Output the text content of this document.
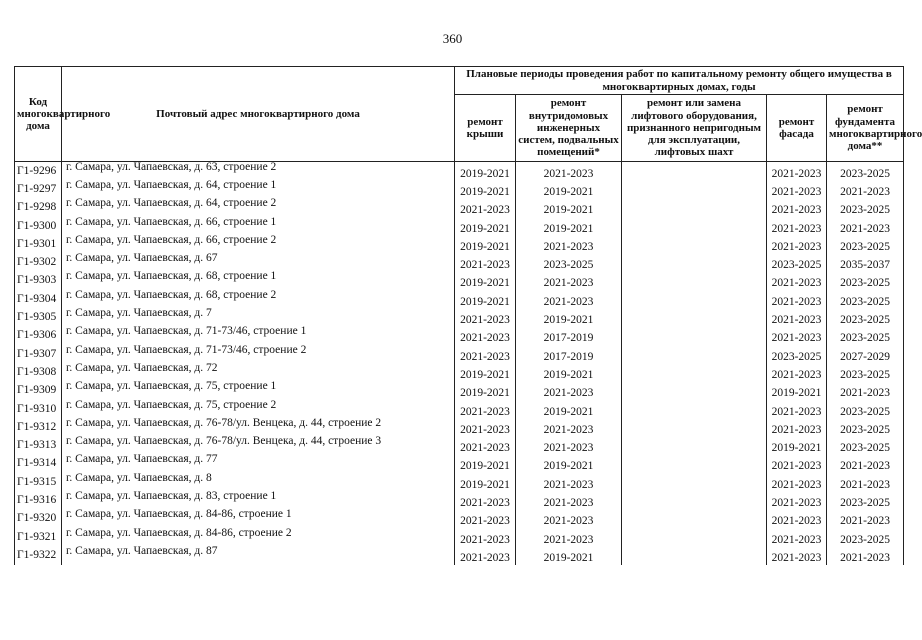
360
Код многоквартирного дома	Почтовый адрес многоквартирного дома	Плановые периоды проведения работ по капитальному ремонту общего имущества в многоквартирных домах, годы				
		ремонт крыши	ремонт внутридомовых инженерных систем, подвальных помещений*	ремонт или замена лифтового оборудования, признанного непригодным для эксплуатации, лифтовых шахт	ремонт фасада	ремонт фундамента многоквартирного дома**
Г1-9296	г. Самара, ул. Чапаевская, д. 63, строение 2	2019-2021	2021-2023		2021-2023	2023-2025
Г1-9297	г. Самара, ул. Чапаевская, д. 64, строение 1	2019-2021	2019-2021		2021-2023	2021-2023
Г1-9298	г. Самара, ул. Чапаевская, д. 64, строение 2	2021-2023	2019-2021		2021-2023	2023-2025
Г1-9300	г. Самара, ул. Чапаевская, д. 66, строение 1	2019-2021	2019-2021		2021-2023	2021-2023
Г1-9301	г. Самара, ул. Чапаевская, д. 66, строение 2	2019-2021	2021-2023		2021-2023	2023-2025
Г1-9302	г. Самара, ул. Чапаевская, д. 67	2021-2023	2023-2025		2023-2025	2035-2037
Г1-9303	г. Самара, ул. Чапаевская, д. 68, строение 1	2019-2021	2021-2023		2021-2023	2023-2025
Г1-9304	г. Самара, ул. Чапаевская, д. 68, строение 2	2019-2021	2021-2023		2021-2023	2023-2025
Г1-9305	г. Самара, ул. Чапаевская, д. 7	2021-2023	2019-2021		2021-2023	2023-2025
Г1-9306	г. Самара, ул. Чапаевская, д. 71-73/46, строение 1	2021-2023	2017-2019		2021-2023	2023-2025
Г1-9307	г. Самара, ул. Чапаевская, д. 71-73/46, строение 2	2021-2023	2017-2019		2023-2025	2027-2029
Г1-9308	г. Самара, ул. Чапаевская, д. 72	2019-2021	2019-2021		2021-2023	2023-2025
Г1-9309	г. Самара, ул. Чапаевская, д. 75, строение 1	2019-2021	2021-2023		2019-2021	2021-2023
Г1-9310	г. Самара, ул. Чапаевская, д. 75, строение 2	2021-2023	2019-2021		2021-2023	2023-2025
Г1-9312	г. Самара, ул. Чапаевская, д. 76-78/ул. Венцека, д. 44, строение 2	2021-2023	2021-2023		2021-2023	2023-2025
Г1-9313	г. Самара, ул. Чапаевская, д. 76-78/ул. Венцека, д. 44, строение 3	2021-2023	2021-2023		2019-2021	2023-2025
Г1-9314	г. Самара, ул. Чапаевская, д. 77	2019-2021	2019-2021		2021-2023	2021-2023
Г1-9315	г. Самара, ул. Чапаевская, д. 8	2019-2021	2021-2023		2021-2023	2021-2023
Г1-9316	г. Самара, ул. Чапаевская, д. 83, строение 1	2021-2023	2021-2023		2021-2023	2023-2025
Г1-9320	г. Самара, ул. Чапаевская, д. 84-86, строение 1	2021-2023	2021-2023		2021-2023	2021-2023
Г1-9321	г. Самара, ул. Чапаевская, д. 84-86, строение 2	2021-2023	2021-2023		2021-2023	2023-2025
Г1-9322	г. Самара, ул. Чапаевская, д. 87	2021-2023	2019-2021		2021-2023	2021-2023
